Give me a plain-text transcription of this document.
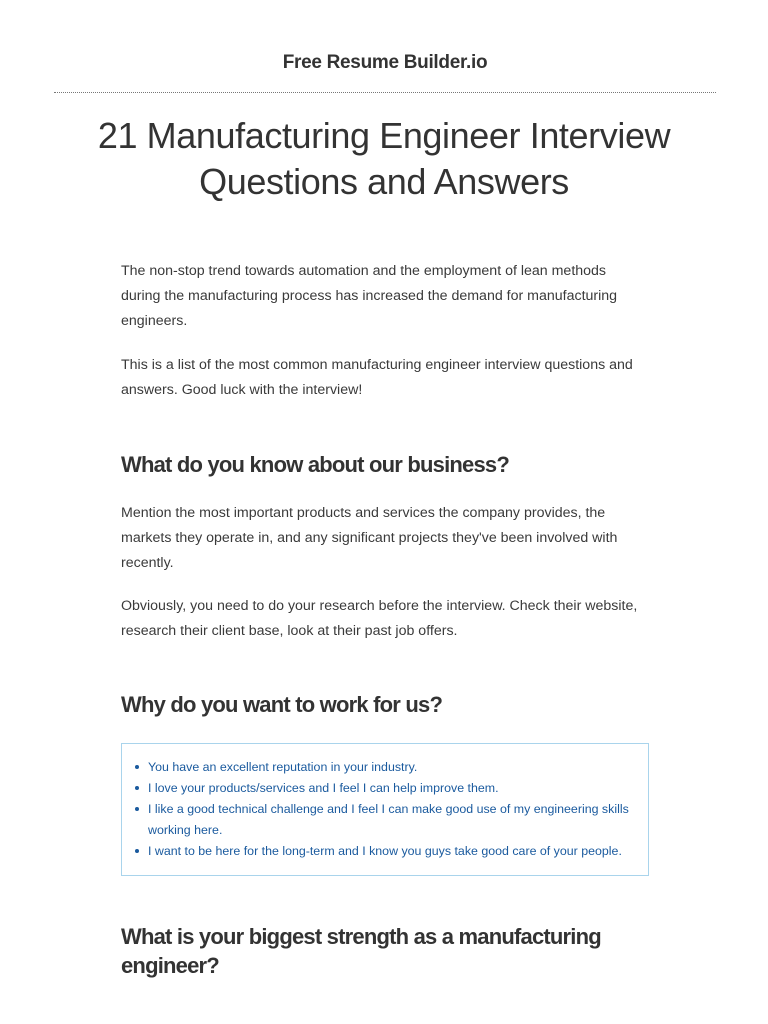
Free Resume Builder.io
21 Manufacturing Engineer Interview
Questions and Answers

The non-stop trend towards automation and the employment of lean methods during the manufacturing process has increased the demand for manufacturing engineers.

This is a list of the most common manufacturing engineer interview questions and answers. Good luck with the interview!

What do you know about our business?

Mention the most important products and services the company provides, the markets they operate in, and any significant projects they've been involved with recently.

Obviously, you need to do your research before the interview. Check their website, research their client base, look at their past job offers.

Why do you want to work for us?
You have an excellent reputation in your industry.
I love your products/services and I feel I can help improve them.
I like a good technical challenge and I feel I can make good use of my engineering skills working here.
I want to be here for the long-term and I know you guys take good care of your people.
What is your biggest strength as a manufacturing engineer?
